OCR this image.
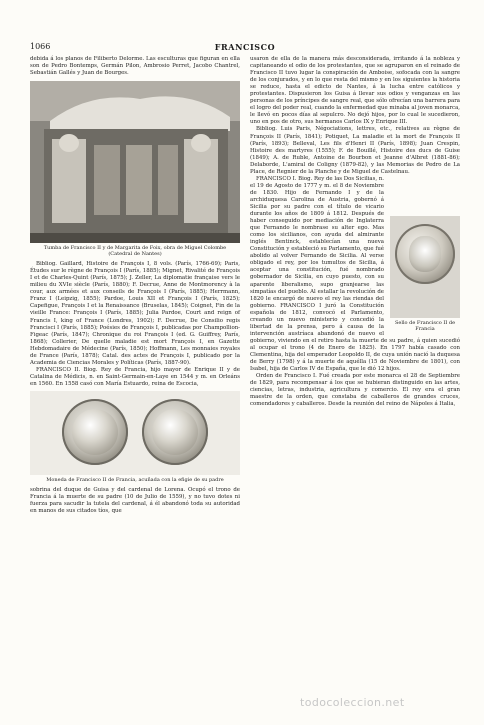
1066	FRANCISCO

debida á los planos de Filiberto Delorme. Las esculturas que figuran en ella son de Pedro Bontemps, Germán Pilon, Ambrosio Perret, Jacobo Chantrel, Sebastián Gallés y Juan de Bourges.

Tumba de Francisco II y de Margarita de Foix, obra de Miguel Colombe (Catedral de Nantes)

Bibliog. Gaillard, Histoire de François I, 8 vols. (París, 1766-69); Paris, Études sur le règne de François I (París, 1885); Mignet, Rivalité de François I et de Charles-Quint (París, 1875); J. Zeller, La diplomatie française vers le milieu du XVIe siècle (París, 1880); F. Decrue, Anne de Montmorency à la cour, aux armées et aux conseils de François I (París, 1885); Herrmann, Franz I (Leipzig, 1855); Pardoe, Louis XII et François I (París, 1825); Capefigue, François I et la Renaissance (Bruselas, 1845); Coignet, Fin de la vieille France: François I (París, 1885); Julia Pardoe, Court and reign of Francis I, king of France (Londres, 1902); F. Decrue, De Consilio regis Francisci I (París, 1885); Poésies de François I, publicadas por Champollion-Figeac (París, 1847); Chronique du roi François I (ed. G. Guiffrey, París, 1868); Collerier, De quelle maladie est mort François I, en Gazette Hebdomadaire de Médecine (París, 1850); Hoffmann, Les monnaies royales de France (París, 1878); Catal. des actes de François I, publicado por la Academia de Ciencias Morales y Políticas (París, 1887-90).

FRANCISCO II. Biog. Rey de Francia, hijo mayor de Enrique II y de Catalina de Médicis, n. en Saint-Germain-en-Laye en 1544 y m. en Orleáns en 1560. En 1558 casó con María Estuardo, reina de Escocia,

Moneda de Francisco II de Francia, acuñada con la efigie de su padre

sobrina del duque de Guisa y del cardenal de Lorena. Ocupó el trono de Francia á la muerte de su padre (10 de Julio de 1559), y no tuvo dotes ni fuerza para sacudir la tutela del cardenal, á él abandonó toda su autoridad en manos de sus citados tíos, que

usaron de ella de la manera más desconsiderada, irritando á la nobleza y capitaneando el odio de los protestantes, que se agruparon en el reinado de Francisco II tuvo lugar la conspiración de Amboise, sofocada con la sangre de los conjurados, y en lo que resta del mismo y en los siguientes la historia se reduce, hasta el edicto de Nantes, á la lucha entre católicos y protestantes. Dispusieron los Guisa á llevar sus odios y venganzas en las personas de los príncipes de sangre real, que sólo ofrecían una barrera para el logro del poder real, cuando la enfermedad que minaba al joven monarca, le llevó en pocos días al sepulcro. No dejó hijos, por lo cual le sucedieron, uno en pos de otro, sus hermanos Carlos IX y Enrique III.

Bibliog. Luis Paris, Négociations, lettres, etc., relatives au règne de François II (París, 1841); Potiquet, La maladie et la mort de François II (París, 1893); Belleval, Les fils d'Henri II (París, 1898); Juan Crespin, Histoire des martyres (1555); F. de Bouillé, Histoire des ducs de Guise (1849); A. de Ruble, Antoine de Bourbon et Jeanne d'Albret (1881-86); Delaborde, L'amiral de Coligny (1879-82), y las Memorias de Pedro de La Place, de Regnier de la Planche y de Miguel de Castelnau.

Sello de Francisco II de Francia

FRANCISCO I. Biog. Rey de las Dos Sicilias, n. el 19 de Agosto de 1777 y m. el 8 de Noviembre de 1830. Hijo de Fernando I y de la archiduquesa Carolina de Austria, gobernó á Sicilia por su padre con el título de vicario durante los años de 1809 á 1812. Después de haber conseguido por mediación de Inglaterra que Fernando le nombrase su alter ego. Mas como los sicilianos, con ayuda del almirante inglés Bentinck, establecían una nueva Constitución y estableció su Parlamento, que fué abolido al volver Fernando de Sicilia. Al verse obligado el rey, por los tumultos de Sicilia, á aceptar una constitución, fué nombrado gobernador de Sicilia, en cuyo puesto, con su aparente liberalismo, supo granjearse las simpatías del pueblo. Al estallar la revolución de 1820 le encargó de nuevo el rey las riendas del gobierno. FRANCISCO I juró la Constitución española de 1812, convocó el Parlamento, creando un nuevo ministerio y concedió la libertad de la prensa, pero á causa de la intervención austríaca abandonó de nuevo el gobierno, viviendo en el retiro hasta la muerte de su padre, á quien sucedió al ocupar el trono (4 de Enero de 1825). En 1797 había casado con Clementina, hija del emperador Leopoldo II, de cuya unión nació la duquesa de Berry (1798) y á la muerte de aquélla (15 de Noviembre de 1801), con Isabel, hija de Carlos IV de España, que le dió 12 hijos.

Orden de Francisco I. Fué creada por este monarca el 28 de Septiembre de 1829, para recompensar á los que se hubieran distinguido en las artes, ciencias, letras, industria, agricultura y comercio. El rey era el gran maestre de la orden, que constaba de caballeros de grandes cruces, comendadores y caballeros. Desde la reunión del reino de Nápoles á Italia,

todocoleccion.net
